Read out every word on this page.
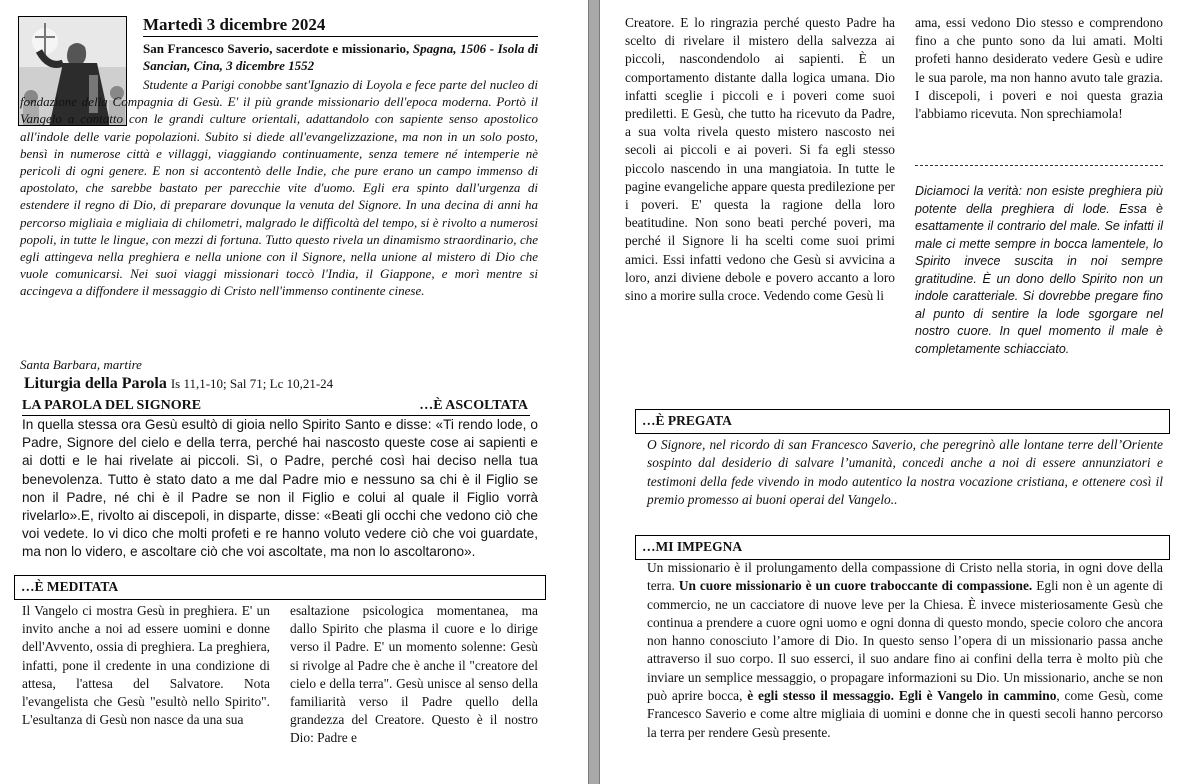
Martedì 3 dicembre 2024
San Francesco Saverio, sacerdote e missionario, Spagna, 1506 - Isola di Sancian, Cina, 3 dicembre 1552
Studente a Parigi conobbe sant'Ignazio di Loyola e fece parte del nucleo di fondazione della Compagnia di Gesù. E' il più grande missionario dell'epoca moderna. Portò il Vangelo a contatto con le grandi culture orientali, adattandolo con sapiente senso apostolico all'indole delle varie popolazioni. Subito si diede all'evangelizzazione, ma non in un solo posto, bensì in numerose città e villaggi, viaggiando continuamente, senza temere né intemperie nè pericoli di ogni genere. E non si accontentò delle Indie, che pure erano un campo immenso di apostolato, che sarebbe bastato per parecchie vite d'uomo. Egli era spinto dall'urgenza di estendere il regno di Dio, di preparare dovunque la venuta del Signore. In una decina di anni ha percorso migliaia e migliaia di chilometri, malgrado le difficoltà del tempo, si è rivolto a numerosi popoli, in tutte le lingue, con mezzi di fortuna. Tutto questo rivela un dinamismo straordinario, che egli attingeva nella preghiera e nella unione con il Signore, nella unione al mistero di Dio che vuole comunicarsi. Nei suoi viaggi missionari toccò l'India, il Giappone, e morì mentre si accingeva a diffondere il messaggio di Cristo nell'immenso continente cinese.
Santa Barbara, martire
Liturgia della Parola Is 11,1-10; Sal 71; Lc 10,21-24
LA PAROLA DEL SIGNORE	…È ASCOLTATA
In quella stessa ora Gesù esultò di gioia nello Spirito Santo e disse: «Ti rendo lode, o Padre, Signore del cielo e della terra, perché hai nascosto queste cose ai sapienti e ai dotti e le hai rivelate ai piccoli. Sì, o Padre, perché così hai deciso nella tua benevolenza. Tutto è stato dato a me dal Padre mio e nessuno sa chi è il Figlio se non il Padre, né chi è il Padre se non il Figlio e colui al quale il Figlio vorrà rivelarlo».E, rivolto ai discepoli, in disparte, disse: «Beati gli occhi che vedono ciò che voi vedete. Io vi dico che molti profeti e re hanno voluto vedere ciò che voi guardate, ma non lo videro, e ascoltare ciò che voi ascoltate, ma non lo ascoltarono».
…È MEDITATA
Il Vangelo ci mostra Gesù in preghiera. E' un invito anche a noi ad essere uomini e donne dell'Avvento, ossia di preghiera. La preghiera, infatti, pone il credente in una condizione di attesa, l'attesa del Salvatore. Nota l'evangelista che Gesù "esultò nello Spirito". L'esultanza di Gesù non nasce da una sua
esaltazione psicologica momentanea, ma dallo Spirito che plasma il cuore e lo dirige verso il Padre. E' un momento solenne: Gesù si rivolge al Padre che è anche il "creatore del cielo e della terra". Gesù unisce al senso della familiarità verso il Padre quello della grandezza del Creatore. Questo è il nostro Dio: Padre e
Creatore. E lo ringrazia perché questo Padre ha scelto di rivelare il mistero della salvezza ai piccoli, nascondendolo ai sapienti. È un comportamento distante dalla logica umana. Dio infatti sceglie i piccoli e i poveri come suoi prediletti. E Gesù, che tutto ha ricevuto da Padre, a sua volta rivela questo mistero nascosto nei secoli ai piccoli e ai poveri. Si fa egli stesso piccolo nascendo in una mangiatoia. In tutte le pagine evangeliche appare questa predilezione per i poveri. E' questa la ragione della loro beatitudine. Non sono beati perché poveri, ma perché il Signore li ha scelti come suoi primi amici. Essi infatti vedono che Gesù si avvicina a loro, anzi diviene debole e povero accanto a loro sino a morire sulla croce. Vedendo come Gesù li
ama, essi vedono Dio stesso e comprendono fino a che punto sono da lui amati. Molti profeti hanno desiderato vedere Gesù e udire le sua parole, ma non hanno avuto tale grazia. I discepoli, i poveri e noi questa grazia l'abbiamo ricevuta. Non sprechiamola!
Diciamoci la verità: non esiste preghiera più potente della preghiera di lode. Essa è esattamente il contrario del male. Se infatti il male ci mette sempre in bocca lamentele, lo Spirito invece suscita in noi sempre gratitudine. È un dono dello Spirito non un indole caratteriale. Si dovrebbe pregare fino al punto di sentire la lode sgorgare nel nostro cuore. In quel momento il male è completamente schiacciato.
…È PREGATA
O Signore, nel ricordo di san Francesco Saverio, che peregrinò alle lontane terre dell’Oriente sospinto dal desiderio di salvare l’umanità, concedi anche a noi di essere annunziatori e testimoni della fede vivendo in modo autentico la nostra vocazione cristiana, e ottenere così il premio promesso ai buoni operai del Vangelo..
…MI IMPEGNA
Un missionario è il prolungamento della compassione di Cristo nella storia, in ogni dove della terra. Un cuore missionario è un cuore traboccante di compassione. Egli non è un agente di commercio, ne un cacciatore di nuove leve per la Chiesa. È invece misteriosamente Gesù che continua a prendere a cuore ogni uomo e ogni donna di questo mondo, specie coloro che ancora non hanno conosciuto l’amore di Dio. In questo senso l’opera di un missionario passa anche attraverso il suo corpo. Il suo esserci, il suo andare fino ai confini della terra è molto più che inviare un semplice messaggio, o propagare informazioni su Dio. Un missionario, anche se non può aprire bocca, è egli stesso il messaggio. Egli è Vangelo in cammino, come Gesù, come Francesco Saverio e come altre migliaia di uomini e donne che in questi secoli hanno percorso la terra per rendere Gesù presente.
